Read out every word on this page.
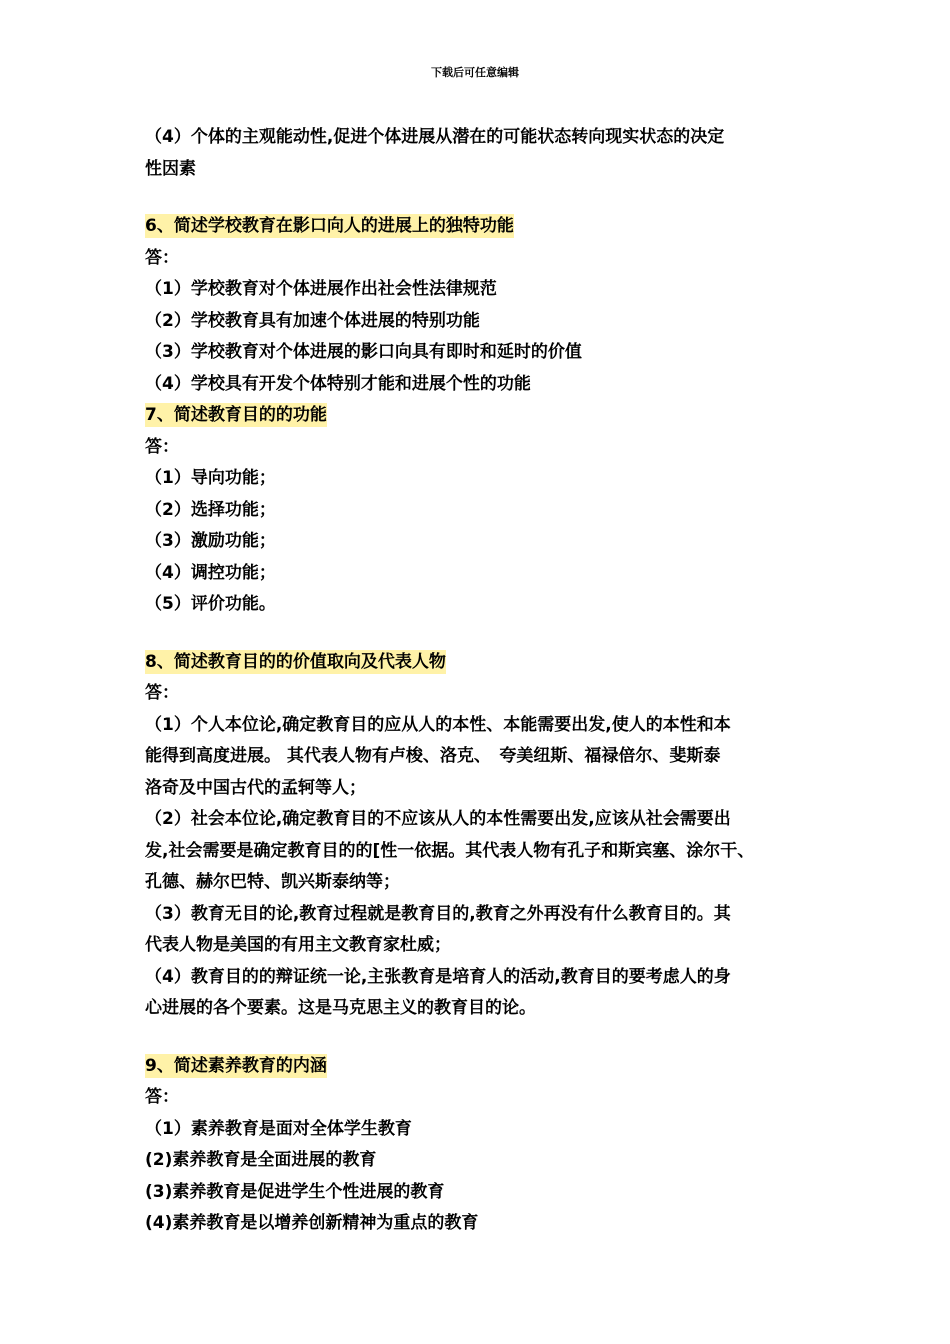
下载后可任意编辑
（4）个体的主观能动性,促进个体进展从潜在的可能状态转向现实状态的决定
性因素
6、简述学校教育在影口向人的进展上的独特功能
答：
（1）学校教育对个体进展作出社会性法律规范
（2）学校教育具有加速个体进展的特别功能
（3）学校教育对个体进展的影口向具有即时和延时的价值
（4）学校具有开发个体特别才能和进展个性的功能
7、简述教育目的的功能
答：
（1）导向功能；
（2）选择功能；
（3）激励功能；
（4）调控功能；
（5）评价功能。
8、简述教育目的的价值取向及代表人物
答：
（1）个人本位论,确定教育目的应从人的本性、本能需要出发,使人的本性和本
能得到高度进展。 其代表人物有卢梭、洛克、　夸美纽斯、福禄倍尔、斐斯泰
洛奇及中国古代的孟轲等人；
（2）社会本位论,确定教育目的不应该从人的本性需要出发,应该从社会需要出
发,社会需要是确定教育目的的[性一依据。其代表人物有孔子和斯宾塞、涂尔干、
孔德、赫尔巴特、凯兴斯泰纳等；
（3）教育无目的论,教育过程就是教育目的,教育之外再没有什么教育目的。其
代表人物是美国的有用主文教育家杜威；
（4）教育目的的辩证统一论,主张教育是培育人的活动,教育目的要考虑人的身
心进展的各个要素。这是马克思主义的教育目的论。
9、简述素养教育的内涵
答：
（1）素养教育是面对全体学生教育
(2)素养教育是全面进展的教育
(3)素养教育是促进学生个性进展的教育
(4)素养教育是以增养创新精神为重点的教育
